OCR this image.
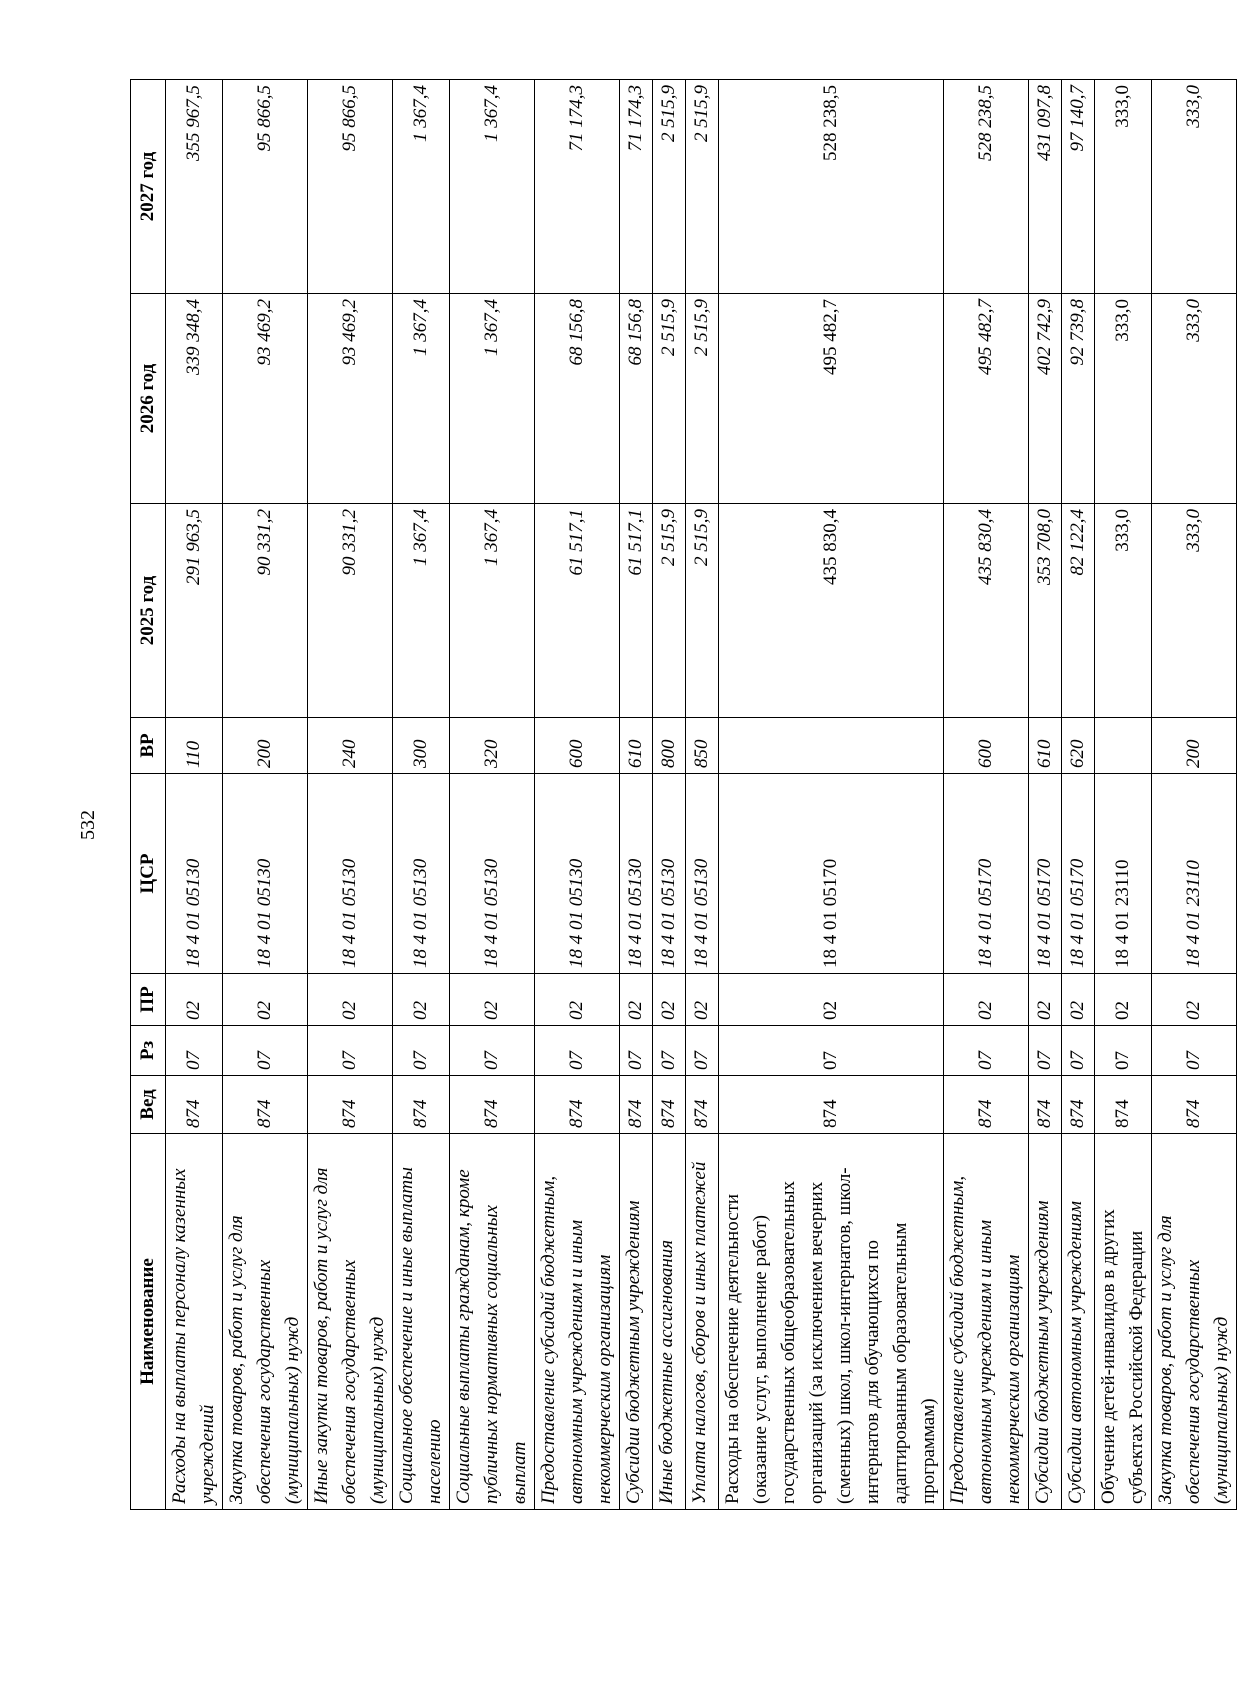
532
Наименование	Вед	Рз	ПР	ЦСР	ВР	2025 год	2026 год	2027 год
Расходы на выплаты персоналу казенных учреждений	874	07	02	18 4 01 05130	110	291 963,5	339 348,4	355 967,5
Закупка товаров, работ и услуг для обеспечения государственных (муниципальных) нужд	874	07	02	18 4 01 05130	200	90 331,2	93 469,2	95 866,5
Иные закупки товаров, работ и услуг для обеспечения государственных (муниципальных) нужд	874	07	02	18 4 01 05130	240	90 331,2	93 469,2	95 866,5
Социальное обеспечение и иные выплаты населению	874	07	02	18 4 01 05130	300	1 367,4	1 367,4	1 367,4
Социальные выплаты гражданам, кроме публичных нормативных социальных выплат	874	07	02	18 4 01 05130	320	1 367,4	1 367,4	1 367,4
Предоставление субсидий бюджетным, автономным учреждениям и иным некоммерческим организациям	874	07	02	18 4 01 05130	600	61 517,1	68 156,8	71 174,3
Субсидии бюджетным учреждениям	874	07	02	18 4 01 05130	610	61 517,1	68 156,8	71 174,3
Иные бюджетные ассигнования	874	07	02	18 4 01 05130	800	2 515,9	2 515,9	2 515,9
Уплата налогов, сборов и иных платежей	874	07	02	18 4 01 05130	850	2 515,9	2 515,9	2 515,9
Расходы на обеспечение деятельности (оказание услуг, выполнение работ) государственных общеобразовательных организаций (за исключением вечерних (сменных) школ, школ-интернатов, школ-интернатов для обучающихся по адаптированным образовательным программам)	874	07	02	18 4 01 05170		435 830,4	495 482,7	528 238,5
Предоставление субсидий бюджетным, автономным учреждениям и иным некоммерческим организациям	874	07	02	18 4 01 05170	600	435 830,4	495 482,7	528 238,5
Субсидии бюджетным учреждениям	874	07	02	18 4 01 05170	610	353 708,0	402 742,9	431 097,8
Субсидии автономным учреждениям	874	07	02	18 4 01 05170	620	82 122,4	92 739,8	97 140,7
Обучение детей-инвалидов в других субъектах Российской Федерации	874	07	02	18 4 01 23110		333,0	333,0	333,0
Закупка товаров, работ и услуг для обеспечения государственных (муниципальных) нужд	874	07	02	18 4 01 23110	200	333,0	333,0	333,0
